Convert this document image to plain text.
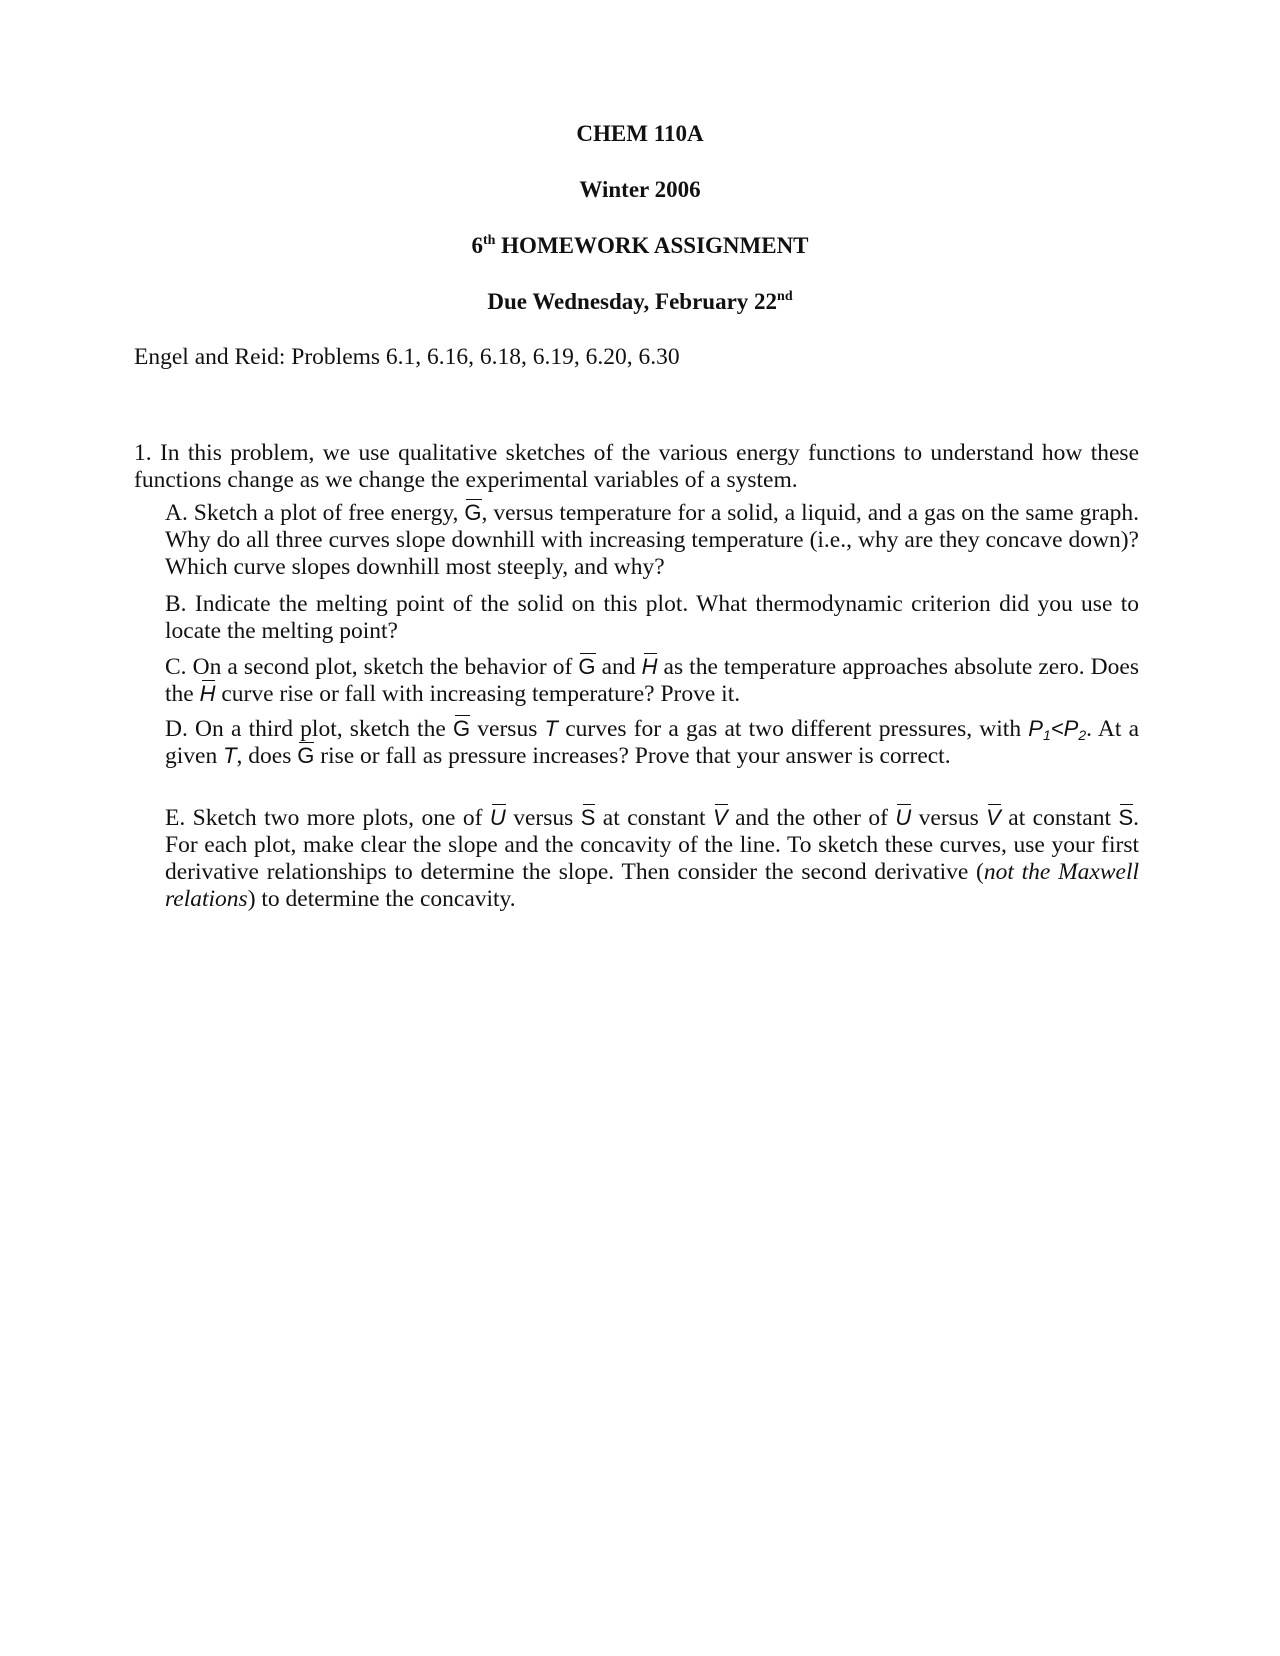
CHEM 110A
Winter 2006
6th HOMEWORK ASSIGNMENT
Due Wednesday, February 22nd
Engel and Reid: Problems 6.1, 6.16, 6.18, 6.19, 6.20, 6.30
1. In this problem, we use qualitative sketches of the various energy functions to understand how these functions change as we change the experimental variables of a system.
A. Sketch a plot of free energy, G, versus temperature for a solid, a liquid, and a gas on the same graph. Why do all three curves slope downhill with increasing temperature (i.e., why are they concave down)? Which curve slopes downhill most steeply, and why?
B. Indicate the melting point of the solid on this plot. What thermodynamic criterion did you use to locate the melting point?
C. On a second plot, sketch the behavior of G and H as the temperature approaches absolute zero. Does the H curve rise or fall with increasing temperature? Prove it.
D. On a third plot, sketch the G versus T curves for a gas at two different pressures, with $P_1<P_2$. At a given T, does G rise or fall as pressure increases? Prove that your answer is correct.
E. Sketch two more plots, one of U versus S at constant V and the other of U versus V at constant S. For each plot, make clear the slope and the concavity of the line. To sketch these curves, use your first derivative relationships to determine the slope. Then consider the second derivative (not the Maxwell relations) to determine the concavity.
